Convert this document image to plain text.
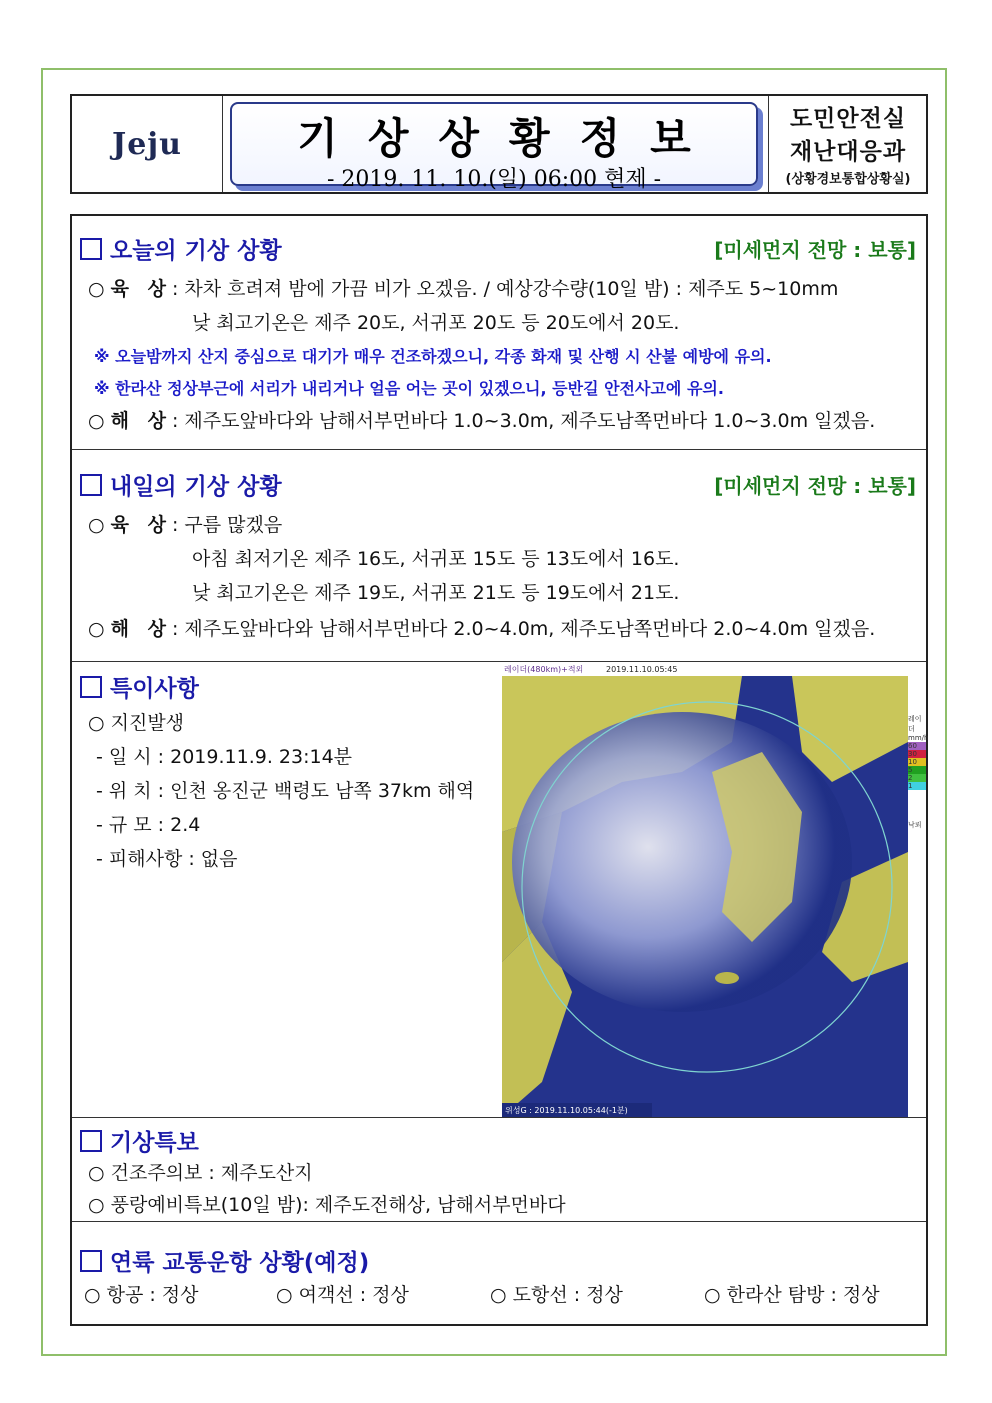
Jeju	기상상황정보
- 2019. 11. 10.(일) 06:00 현제 -
도민안전실
재난대응과
(상황경보통합상황실)
오늘의 기상 상황	[미세먼지 전망 : 보통]
○ 육 상: 차차 흐려져 밤에 가끔 비가 오겠음. / 예상강수량(10일 밤) : 제주도 5~10mm
낮 최고기온은 제주 20도, 서귀포 20도 등 20도에서 20도.
※ 오늘밤까지 산지 중심으로 대기가 매우 건조하겠으니, 각종 화재 및 산행 시 산불 예방에 유의.
※ 한라산 정상부근에 서리가 내리거나 얼음 어는 곳이 있겠으니, 등반길 안전사고에 유의.
○ 해 상: 제주도앞바다와 남해서부먼바다 1.0~3.0m, 제주도남쪽먼바다 1.0~3.0m 일겠음.
내일의 기상 상황	[미세먼지 전망 : 보통]
○ 육 상: 구름 많겠음
아침 최저기온 제주 16도, 서귀포 15도 등 13도에서 16도.
낮 최고기온은 제주 19도, 서귀포 21도 등 19도에서 21도.
○ 해 상: 제주도앞바다와 남해서부먼바다 2.0~4.0m, 제주도남쪽먼바다 2.0~4.0m 일겠음.
특이사항
○ 지진발생
- 일 시 : 2019.11.9. 23:14분
- 위 치 : 인천 옹진군 백령도 남쪽 37km 해역
- 규 모 : 2.4
- 피해사항 : 없음
레이더(480km)+적외	2019.11.10.05:45
위성G : 2019.11.10.05:44(-1분)
레이더
mm/h
60
30
10
5
2
1
낙뢰
기상특보
○ 건조주의보 : 제주도산지
○ 풍랑예비특보(10일 밤): 제주도전해상, 남해서부먼바다
연륙 교통운항 상황(예정)
○ 항공 : 정상	○ 여객선 : 정상	○ 도항선 : 정상	○ 한라산 탐방 : 정상
